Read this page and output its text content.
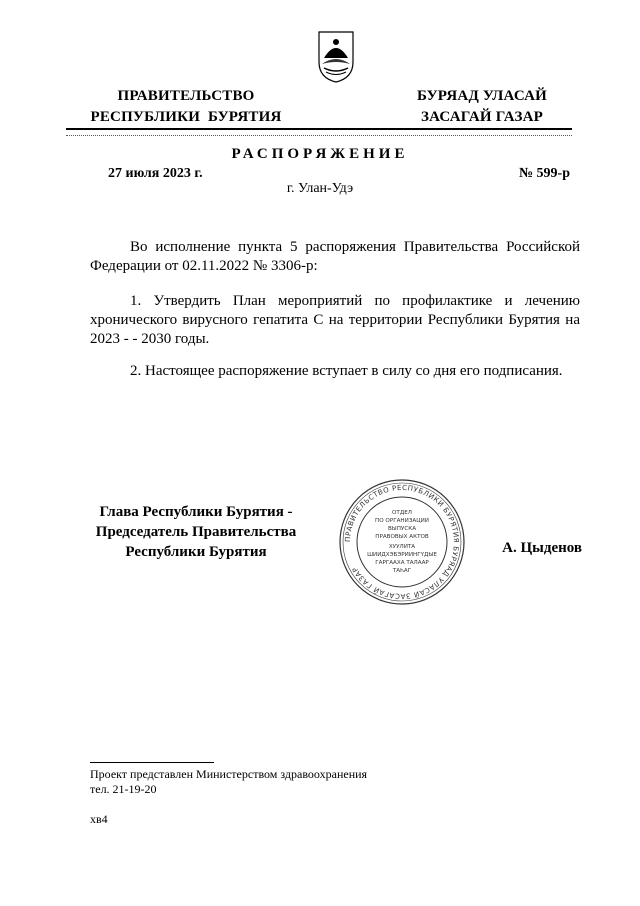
ПРАВИТЕЛЬСТВО
РЕСПУБЛИКИ  БУРЯТИЯ
БУРЯАД УЛАСАЙ
ЗАСАГАЙ ГАЗАР
РАСПОРЯЖЕНИЕ
27 июля 2023 г.	№ 599-р
г. Улан-Удэ
Во исполнение пункта 5 распоряжения Правительства Российской Федерации от 02.11.2022 № 3306-р:
1. Утвердить План мероприятий по профилактике и лечению хронического вирусного гепатита С на территории Республики Бурятия на 2023 - - 2030 годы.
2. Настоящее распоряжение вступает в силу со дня его подписания.
Глава Республики Бурятия -
Председатель Правительства
Республики Бурятия	А. Цыденов
ПРАВИТЕЛЬСТВО РЕСПУБЛИКИ БУРЯТИЯ БУРЯАД УЛАСАЙ ЗАСАГАЙ ГАЗАР
ОТДЕЛ
ПО ОРГАНИЗАЦИИ
ВЫПУСКА
ПРАВОВЫХ АКТОВ
ХУУЛИТА
ШИИДХЭБЭРИИНГҮДЫЕ
ГАРГААХА ТАЛААР
ТАҺАГ
Проект представлен Министерством здравоохранения
тел. 21-19-20
хв4
